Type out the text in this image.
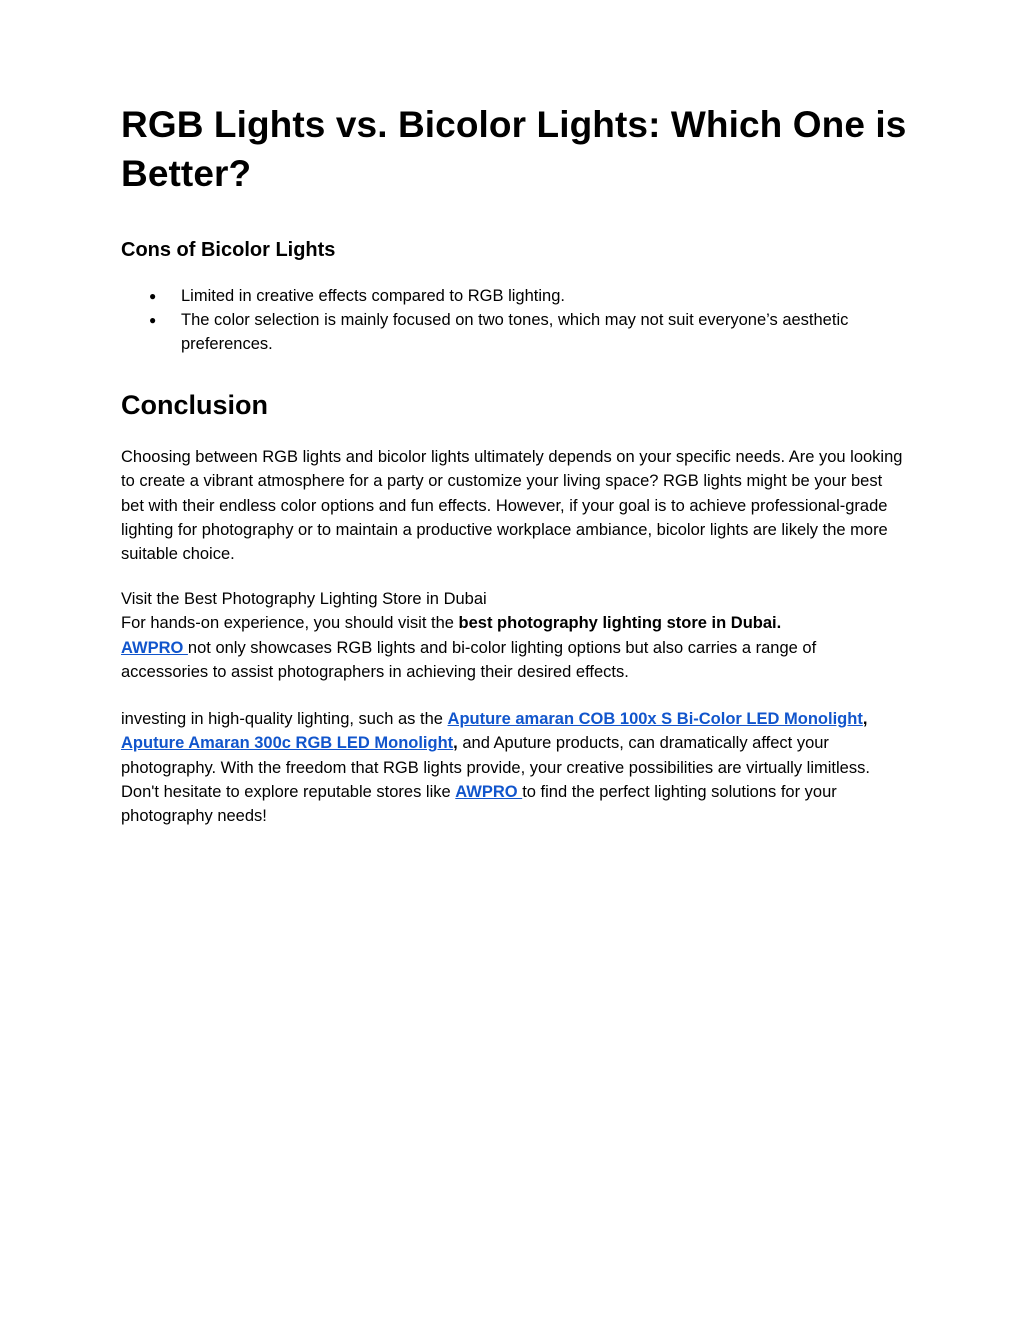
RGB Lights vs. Bicolor Lights: Which One is Better?
Cons of Bicolor Lights
● Limited in creative effects compared to RGB lighting.
● The color selection is mainly focused on two tones, which may not suit everyone’s aesthetic preferences.
Conclusion

Choosing between RGB lights and bicolor lights ultimately depends on your specific needs. Are you looking to create a vibrant atmosphere for a party or customize your living space? RGB lights might be your best bet with their endless color options and fun effects. However, if your goal is to achieve professional-grade lighting for photography or to maintain a productive workplace ambiance, bicolor lights are likely the more suitable choice.

Visit the Best Photography Lighting Store in Dubai
For hands-on experience, you should visit the best photography lighting store in Dubai.
AWPRO not only showcases RGB lights and bi-color lighting options but also carries a range of accessories to assist photographers in achieving their desired effects.

investing in high-quality lighting, such as the Aputure amaran COB 100x S Bi-Color LED Monolight, Aputure Amaran 300c RGB LED Monolight, and Aputure products, can dramatically affect your photography. With the freedom that RGB lights provide, your creative possibilities are virtually limitless. Don't hesitate to explore reputable stores like AWPRO to find the perfect lighting solutions for your photography needs!
